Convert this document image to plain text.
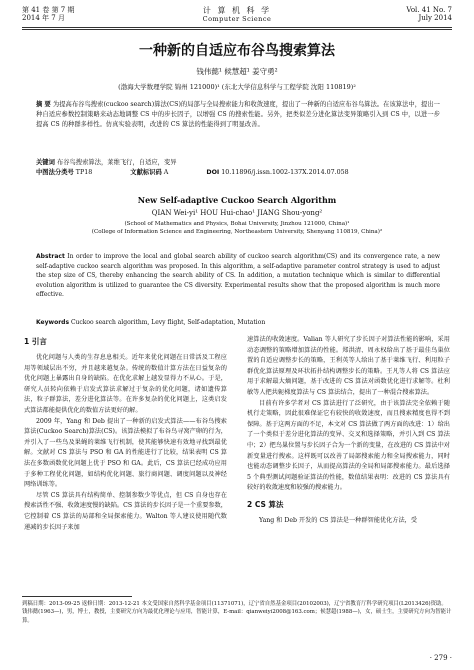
第 41 卷 第 7 期
2014 年 7 月
计 算 机 科 学
Computer Science
Vol. 41 No. 7
July 2014
一种新的自适应布谷鸟搜索算法
钱伟懿¹ 候慧超¹ 姜守勇²
(渤海大学数理学院 锦州 121000)¹ (东北大学信息科学与工程学院 沈阳 110819)²
摘 要 为提高布谷鸟搜索(cuckoo search)算法(CS)的局部与全局搜索能力和收敛速度，提出了一种新的自适应布谷鸟算法。在该算法中，提出一种自适应参数控制策略来动态地调整 CS 中的步长因子，以增强 CS 的搜索性能。另外，把类似差分进化算法变异策略引入到 CS 中，以进一步提高 CS 的种群多样性。仿真实验表明，改进的 CS 算法的性能得到了明显改善。
关键词 布谷鸟搜索算法，莱维飞行，自适应，变异
中图法分类号 TP18	文献标识码 A	DOI 10.11896/j.issn.1002-137X.2014.07.058
New Self-adaptive Cuckoo Search Algorithm
QIAN Wei-yi¹ HOU Hui-chao¹ JIANG Shou-yong²
(School of Mathematics and Physics, Bohai University, Jinzhou 121000, China)¹
(College of Information Science and Engineering, Northeastern University, Shenyang 110819, China)²
Abstract In order to improve the local and global search ability of cuckoo search algorithm(CS) and its convergence rate, a new self-adaptive cuckoo search algorithm was proposed. In this algorithm, a self-adaptive parameter control strategy is used to adjust the step size of CS, thereby enhancing the search ability of CS. In addition, a mutation technique which is similar to differential evolution algorithm is utilized to guarantee the CS diversity. Experimental results show that the proposed algorithm is much more effective.
Keywords Cuckoo search algorithm, Levy flight, Self-adaptation, Mutation
1 引言

优化问题与人类的生存息息相关。近年来优化问题在日常活及工程应用等领域层出不穷，并且越来越复杂。传统的数值计算方法在日益复杂的优化问题上暴露出自身的缺陷。在优化求解上越发显得力不从心。于是，研究人员转向依赖于启发式算法求解过于复杂的优化问题，诸如遗传算法，粒子群算法，差分进化算法等。在许多复杂的优化问题上，这类启发式算法都能提供优化的数值方法更好的解。

2009 年，Yang 和 Deb 提出了一种新的启发式算法——布谷鸟搜索算法(Cuckoo Search)算法(CS)。该算法模拟了布谷鸟寻窝产卵的行为，并引入了一些鸟及果蝇的莱维飞行机制，使其能够快速有效地寻找到最优解。文献对 CS 算法与 PSO 和 GA 的性能进行了比较，结果表明 CS 算法在多数函数优化问题上优于 PSO 和 GA。此后，CS 算法已经成功应用于多种工程优化问题，如结构优化问题、旅行商问题、调度问题以及神经网络训练等。

尽管 CS 算法具有结构简单、控制参数少等优点，但 CS 自身也存在搜索活性不强、收敛速度慢的缺陷。CS 算法的步长因子是一个重要参数，它控制着 CS 算法的局部和全局探索能力。Walton 等人建议使用随代数递减的步长因子来加

速算法的收敛速度。Valian 等人研究了步长因子对算法性能的影响，采用动态调整的策略增加算法的性能。郑洪清、周永权给出了基于最佳鸟巢位置的自适应调整步长的策略，王利英等人给出了基于莱维飞行、利用粒子群优化算法原理及环状拓扑结构调整步长的策略。王凡等人将 CS 算法应用于求解最大熵问题，基于改进的 CS 算法对函数优化进行求解等。杜利敏等人把共轭梯度算法与 CS 算法结合，提出了一种混合搜索算法。

目前有许多学者对 CS 算法进行了泛研究，由于该算法完全依赖于随机行走策略，因此很难保证它有较快的收敛速度，而且搜索精度也得不到保障。基于这两方面的不足，本文对 CS 算法做了两方面的改进：1）给出了一个类似于差分进化算法的变异、交叉和选择策略，并引入到 CS 算法中；2）把鸟巢位置与步长因子合为一个新的变量，在改进的 CS 算法中对新变量进行搜索。这样既可以改善了局部搜索能力和全局搜索能力，同时也能动态调整步长因子，从而提高算法的全局和局部搜索能力。最后选择 5 个典型测试问题验证算法的性能，数值结果表明：改进的 CS 算法具有较好的收敛速度和较强的搜索能力。

2 CS 算法

Yang 和 Deb 开发的 CS 算法是一种群智能优化方法，受

到稿日期：2013-09-25 返修日期：2013-12-21 本文受国家自然科学基金项目(11371071)，辽宁省自然基金项目(20102003)，辽宁省教育厅科学研究项目(L2013426)资助。
钱伟懿(1963—)，男，博士，教授，主要研究方向为最优化理论与应用，智能计算，E-mail：qianweiyi2008@163.com；候慧超(1988—)，女，硕士生，主要研究方向为智能计算。
· 279 ·
